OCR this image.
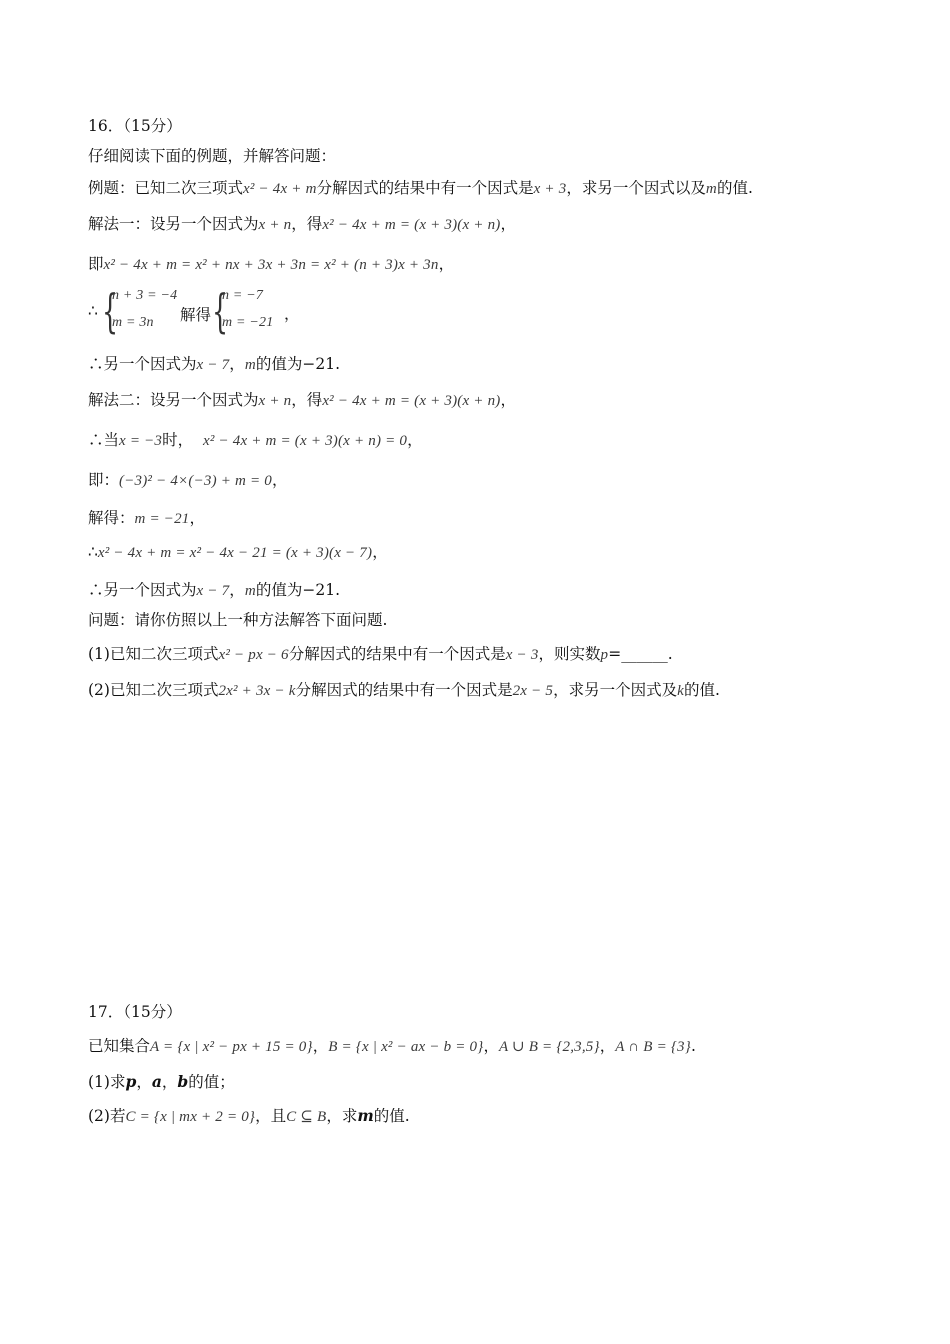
16．（15分）
仔细阅读下面的例题，并解答问题：
例题：已知二次三项式x² − 4x + m分解因式的结果中有一个因式是x + 3，求另一个因式以及m的值.
解法一：设另一个因式为x + n，得x² − 4x + m = (x + 3)(x + n)，
即x² − 4x + m = x² + nx + 3x + 3n = x² + (n + 3)x + 3n，
∴ {
n + 3 = −4
m = 3n 解得 {
n = −7
m = −21 ，
∴另一个因式为x − 7，m的值为−21.
解法二：设另一个因式为x + n，得x² − 4x + m = (x + 3)(x + n)，
∴当x = −3时， x² − 4x + m = (x + 3)(x + n) = 0，
即：(−3)² − 4×(−3) + m = 0，
解得：m = −21，
∴x² − 4x + m = x² − 4x − 21 = (x + 3)(x − 7)，
∴另一个因式为x − 7，m的值为−21.
问题：请你仿照以上一种方法解答下面问题.
(1)已知二次三项式x² − px − 6分解因式的结果中有一个因式是x − 3，则实数p=______.
(2)已知二次三项式2x² + 3x − k分解因式的结果中有一个因式是2x − 5，求另一个因式及k的值.
17．（15分）
已知集合A = {x | x² − px + 15 = 0}，B = {x | x² − ax − b = 0}，A ∪ B = {2,3,5}，A ∩ B = {3}.
(1)求p，a，b的值；
(2)若C = {x | mx + 2 = 0}，且C ⊆ B，求m的值.
